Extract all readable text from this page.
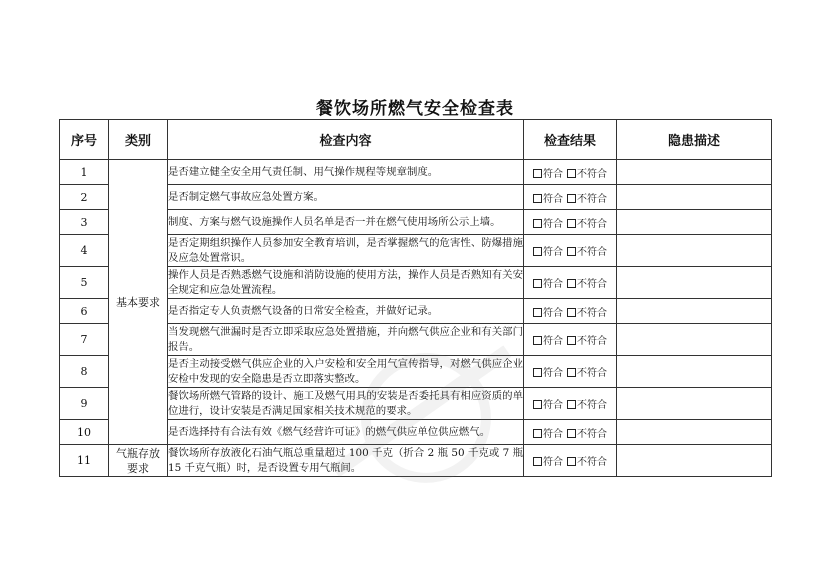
餐饮场所燃气安全检查表
序号	类别	检查内容	检查结果	隐患描述
1	基本要求	是否建立健全安全用气责任制、用气操作规程等规章制度。	符合 不符合	
2		是否制定燃气事故应急处置方案。	符合 不符合	
3		制度、方案与燃气设施操作人员名单是否一并在燃气使用场所公示上墙。	符合 不符合	
4		是否定期组织操作人员参加安全教育培训，是否掌握燃气的危害性、防爆措施及应急处置常识。	符合 不符合	
5		操作人员是否熟悉燃气设施和消防设施的使用方法，操作人员是否熟知有关安全规定和应急处置流程。	符合 不符合	
6		是否指定专人负责燃气设备的日常安全检查，并做好记录。	符合 不符合	
7		当发现燃气泄漏时是否立即采取应急处置措施，并向燃气供应企业和有关部门报告。	符合 不符合	
8		是否主动接受燃气供应企业的入户安检和安全用气宣传指导，对燃气供应企业安检中发现的安全隐患是否立即落实整改。	符合 不符合	
9		餐饮场所燃气管路的设计、施工及燃气用具的安装是否委托具有相应资质的单位进行，设计安装是否满足国家相关技术规范的要求。	符合 不符合	
10		是否选择持有合法有效《燃气经营许可证》的燃气供应单位供应燃气。	符合 不符合	
11	气瓶存放要求	餐饮场所存放液化石油气瓶总重量超过 100 千克（折合 2 瓶 50 千克或 7 瓶 15 千克气瓶）时，是否设置专用气瓶间。	符合 不符合	
